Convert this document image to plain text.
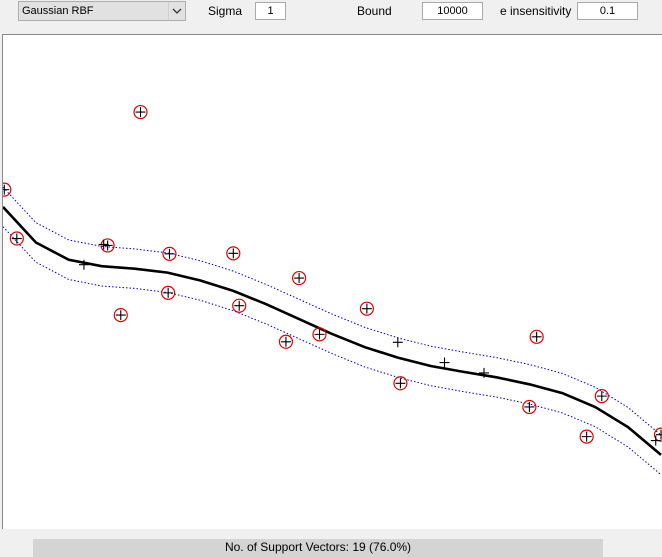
Gaussian RBF	Sigma
1	Bound
10000	e insensitivity
0.1
No. of Support Vectors: 19 (76.0%)
